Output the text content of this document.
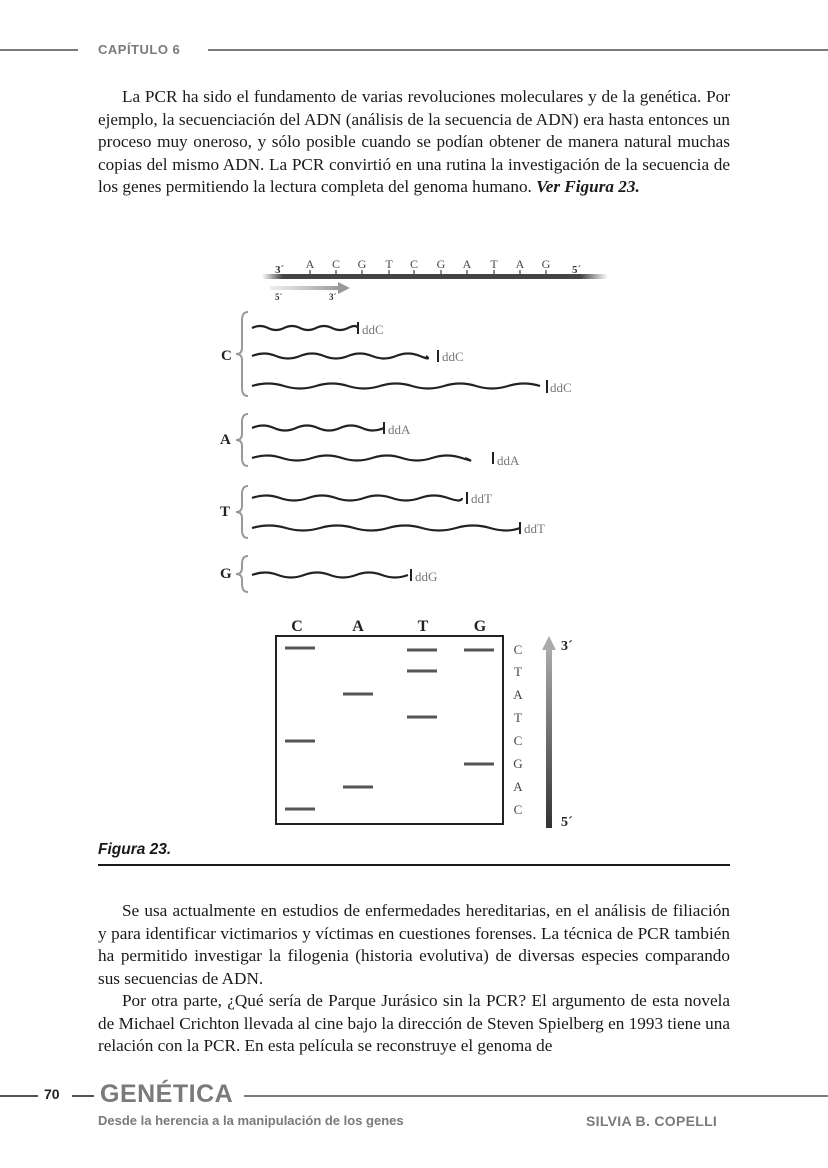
CAPÍTULO 6

La PCR ha sido el fundamento de varias revoluciones moleculares y de la genética. Por ejemplo, la secuenciación del ADN (análisis de la secuencia de ADN) era hasta entonces un proceso muy oneroso, y sólo posible cuando se podían obtener de manera natural muchas copias del mismo ADN. La PCR convirtió en una rutina la investigación de la secuencia de los genes permitiendo la lectura completa del genoma humano. Ver Figura 23.

3´	5´
A C G T C G A T A G
5´	3´
C
ddC
ddC
ddC
A
ddA
ddA
T
ddT
ddT
G	ddG
C	A	T	G
C
T
A
T
C
G
A
C
3´
5´
Figura 23.

Se usa actualmente en estudios de enfermedades hereditarias, en el análisis de filiación y para identificar victimarios y víctimas en cuestiones forenses. La técnica de PCR también ha permitido investigar la filogenia (historia evolutiva) de diversas especies comparando sus secuencias de ADN.

Por otra parte, ¿Qué sería de Parque Jurásico sin la PCR? El argumento de esta novela de Michael Crichton llevada al cine bajo la dirección de Steven Spielberg en 1993 tiene una relación con la PCR. En esta película se reconstruye el genoma de

70 GENÉTICA
Desde la herencia a la manipulación de los genes	SILVIA B. COPELLI
